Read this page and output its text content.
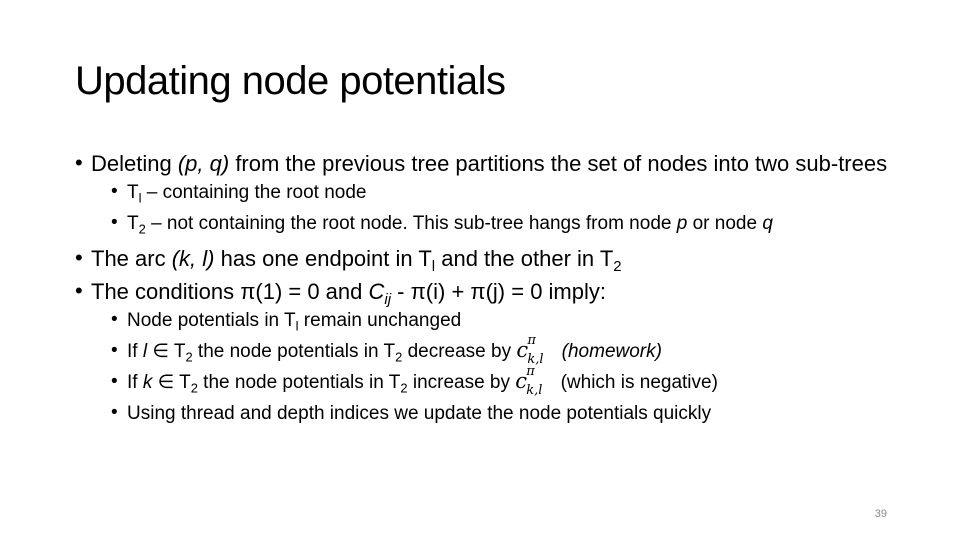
Updating node potentials
• Deleting (p, q) from the previous tree partitions the set of nodes into two sub-trees
• $T_l$ – containing the root node
• $T_2$ – not containing the root node. This sub-tree hangs from node p or node q
• The arc (k, l) has one endpoint in $T_l$ and the other in $T_2$
• The conditions π(1) = 0 and $C_{ij} - \pi(i) + \pi(j) = 0$ imply:
• Node potentials in $T_l$ remain unchanged
• If l ∈ $T_2$ the node potentials in $T_2$ decrease by c π
k,l (homework)
• If k ∈ $T_2$ the node potentials in $T_2$ increase by c π
k,l (which is negative)
• Using thread and depth indices we update the node potentials quickly
39
